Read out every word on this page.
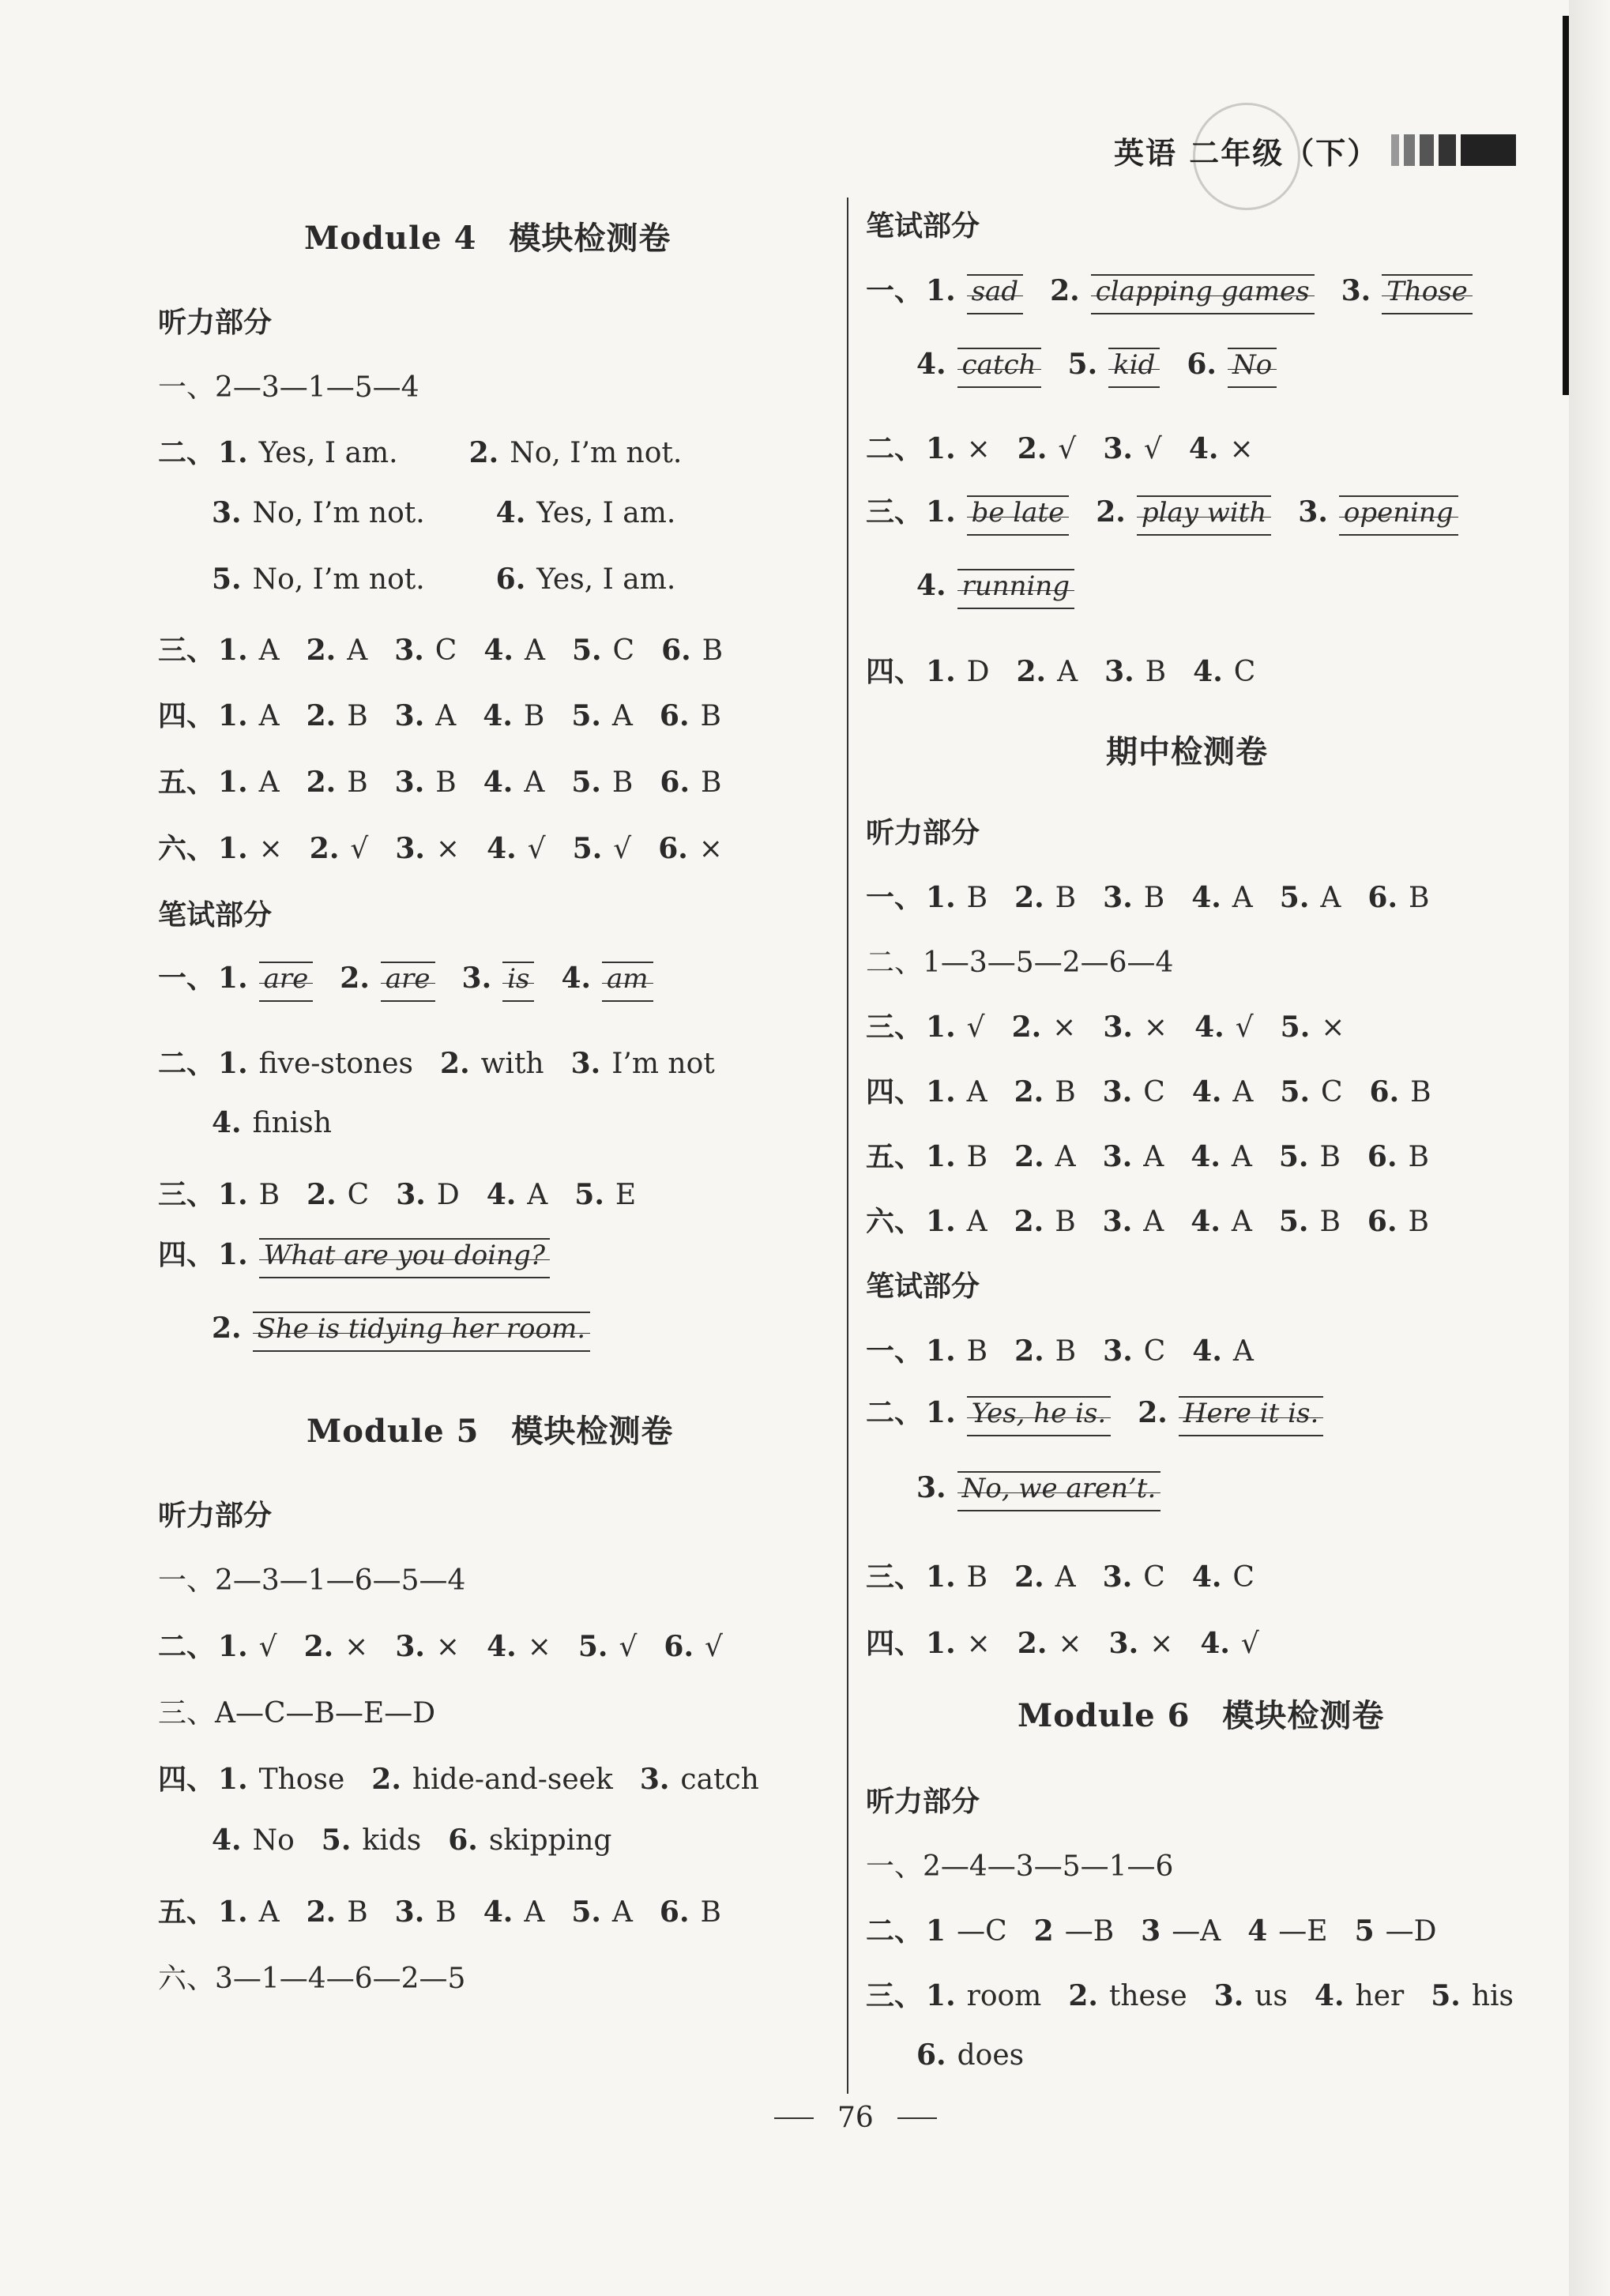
英语 二年级（下）
Module 4　模块检测卷
听力部分
一、2—3—1—5—4
二、 1. Yes, I am.	2. No, I’m not.
3. No, I’m not.	4. Yes, I am.
5. No, I’m not.	6. Yes, I am.
三、 1. A 2. A 3. C 4. A 5. C 6. B
四、 1. A 2. B 3. A 4. B 5. A 6. B
五、 1. A 2. B 3. B 4. A 5. B 6. B
六、 1. × 2. √ 3. × 4. √ 5. √ 6. ×
笔试部分
一、 1. are 2. are 3. is 4. am
二、 1. five-stones 2. with 3. I’m not
4. finish
三、 1. B 2. C 3. D 4. A 5. E
四、 1. What are you doing?
2. She is tidying her room.
Module 5　模块检测卷
听力部分
一、2—3—1—6—5—4
二、 1. √ 2. × 3. × 4. × 5. √ 6. √
三、A—C—B—E—D
四、 1. Those 2. hide-and-seek 3. catch
4. No 5. kids 6. skipping
五、 1. A 2. B 3. B 4. A 5. A 6. B
六、3—1—4—6—2—5
笔试部分
一、 1. sad 2. clapping games 3. Those
4. catch 5. kid 6. No
二、 1. × 2. √ 3. √ 4. ×
三、 1. be late 2. play with 3. opening
4. running
四、 1. D 2. A 3. B 4. C
期中检测卷
听力部分
一、 1. B 2. B 3. B 4. A 5. A 6. B
二、1—3—5—2—6—4
三、 1. √ 2. × 3. × 4. √ 5. ×
四、 1. A 2. B 3. C 4. A 5. C 6. B
五、 1. B 2. A 3. A 4. A 5. B 6. B
六、 1. A 2. B 3. A 4. A 5. B 6. B
笔试部分
一、 1. B 2. B 3. C 4. A
二、 1. Yes, he is. 2. Here it is.
3. No, we aren’t.
三、 1. B 2. A 3. C 4. C
四、 1. × 2. × 3. × 4. √
Module 6　模块检测卷
听力部分
一、2—4—3—5—1—6
二、 1 —C 2 —B 3 —A 4 —E 5 —D
三、 1. room 2. these 3. us 4. her 5. his
6. does
76
